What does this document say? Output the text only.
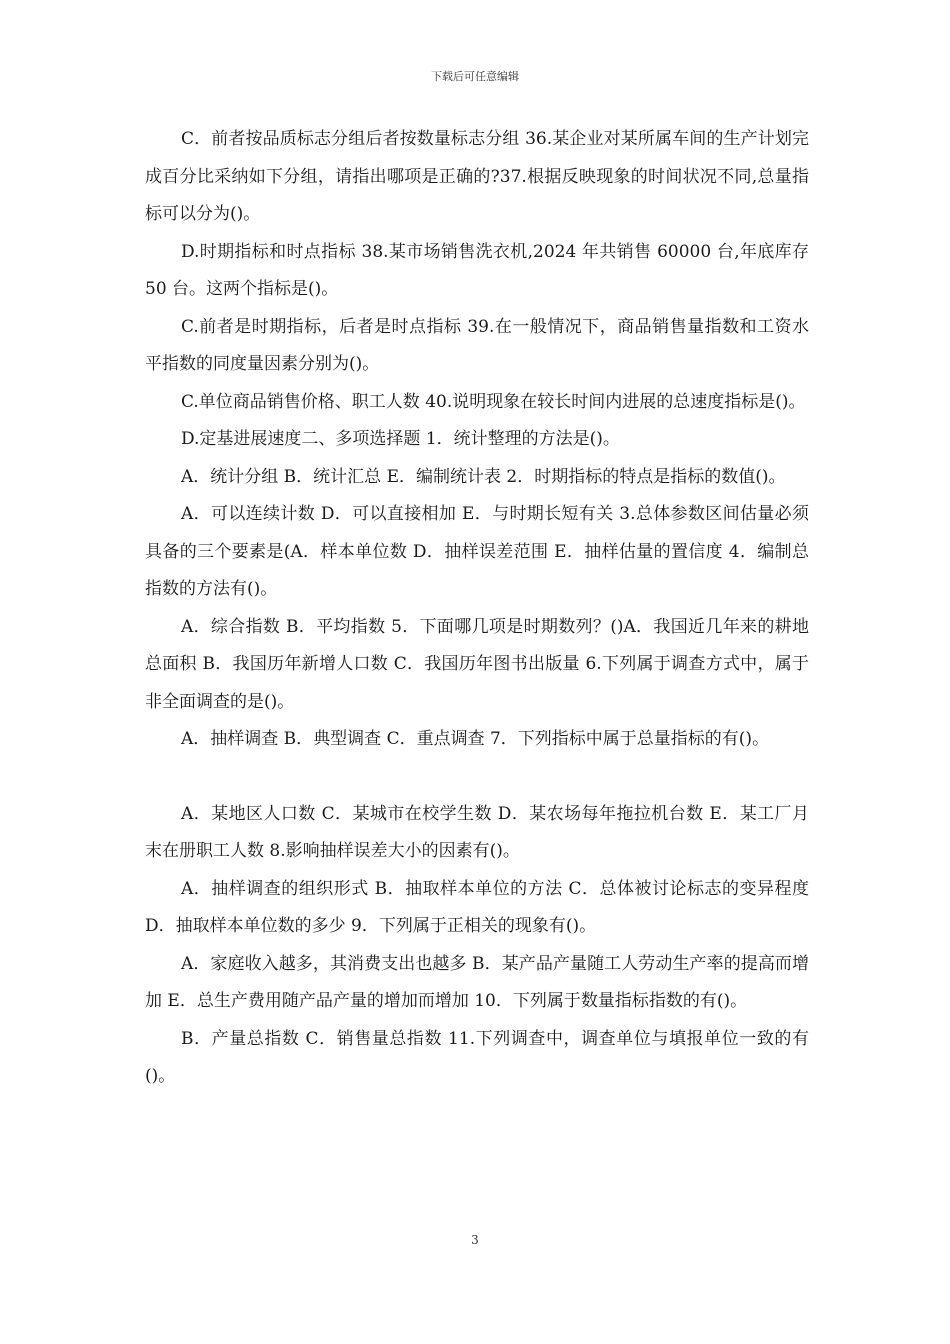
下载后可任意编辑

C．前者按品质标志分组后者按数量标志分组 36.某企业对某所属车间的生产计划完成百分比采纳如下分组，请指出哪项是正确的?37.根据反映现象的时间状况不同,总量指标可以分为()。

D.时期指标和时点指标 38.某市场销售洗衣机,2024 年共销售 60000 台,年底库存 50 台。这两个指标是()。

C.前者是时期指标，后者是时点指标 39.在一般情况下，商品销售量指数和工资水平指数的同度量因素分别为()。

C.单位商品销售价格、职工人数 40.说明现象在较长时间内进展的总速度指标是()。

D.定基进展速度二、多项选择题 1．统计整理的方法是()。

A．统计分组 B．统计汇总 E．编制统计表 2．时期指标的特点是指标的数值()。

A．可以连续计数 D．可以直接相加 E．与时期长短有关 3.总体参数区间估量必须具备的三个要素是(A．样本单位数 D．抽样误差范围 E．抽样估量的置信度 4．编制总指数的方法有()。

A．综合指数 B．平均指数 5．下面哪几项是时期数列？()A．我国近几年来的耕地总面积 B．我国历年新增人口数 C．我国历年图书出版量 6.下列属于调查方式中，属于非全面调查的是()。

A．抽样调查 B．典型调查 C．重点调查 7．下列指标中属于总量指标的有()。

A．某地区人口数 C．某城市在校学生数 D．某农场每年拖拉机台数 E．某工厂月末在册职工人数 8.影响抽样误差大小的因素有()。

A．抽样调查的组织形式 B．抽取样本单位的方法 C．总体被讨论标志的变异程度 D．抽取样本单位数的多少 9．下列属于正相关的现象有()。

A．家庭收入越多，其消费支出也越多 B．某产品产量随工人劳动生产率的提高而增加 E．总生产费用随产品产量的增加而增加 10．下列属于数量指标指数的有()。

B．产量总指数 C．销售量总指数 11.下列调查中，调查单位与填报单位一致的有()。

3
